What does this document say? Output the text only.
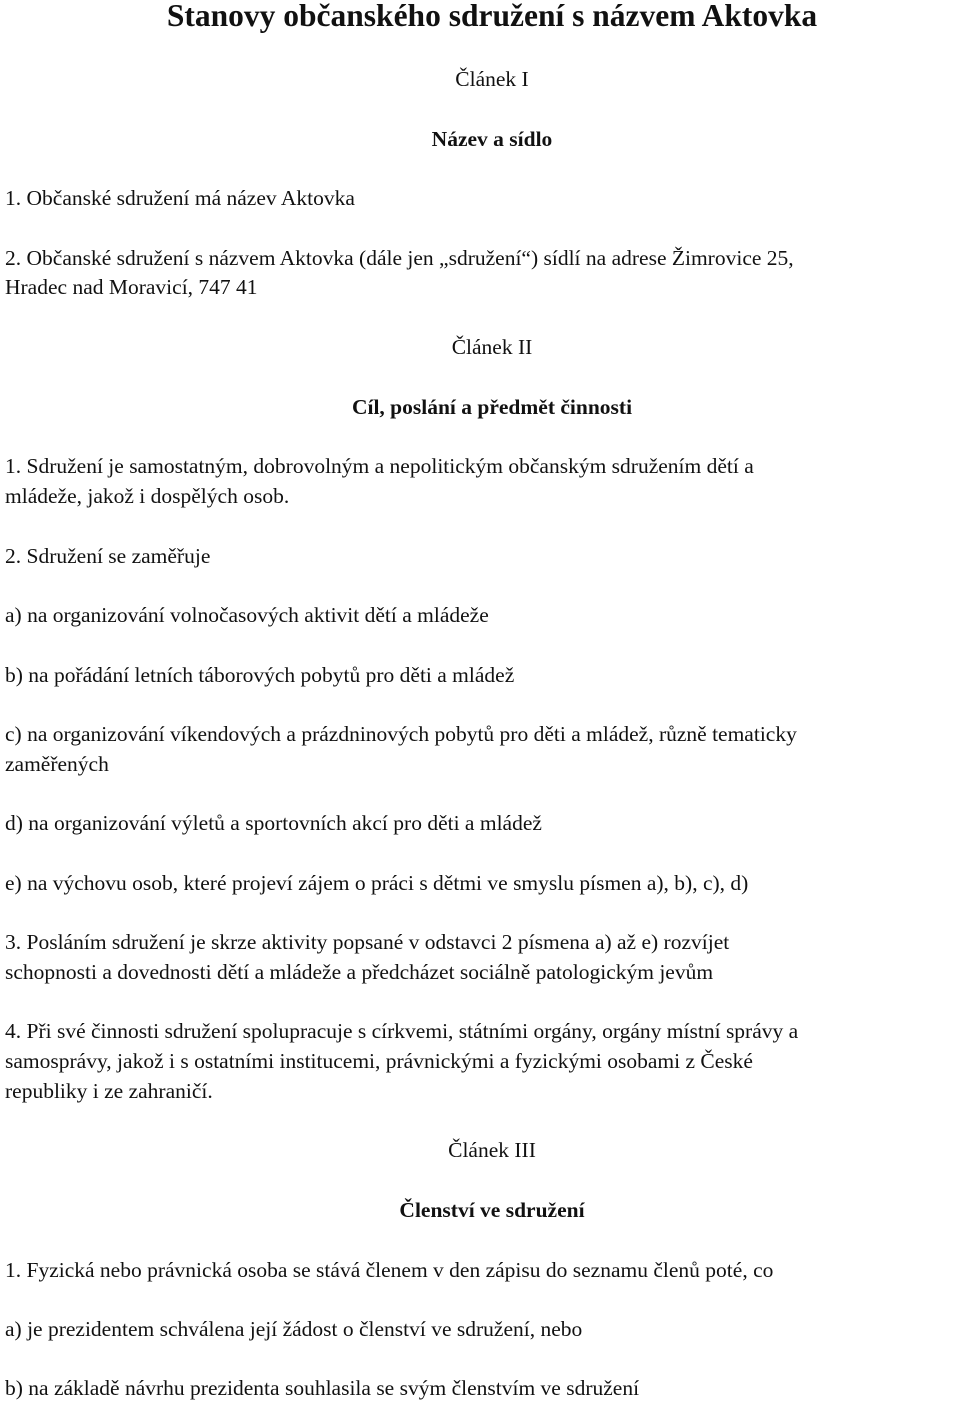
Stanovy občanského sdružení s názvem Aktovka

Článek I

Název a sídlo

1. Občanské sdružení má název Aktovka

2. Občanské sdružení s názvem Aktovka (dále jen „sdružení“) sídlí na adrese Žimrovice 25,

Hradec nad Moravicí, 747 41

Článek II

Cíl, poslání a předmět činnosti

1. Sdružení je samostatným, dobrovolným a nepolitickým občanským sdružením dětí a

mládeže, jakož i dospělých osob.

2. Sdružení se zaměřuje

a) na organizování volnočasových aktivit dětí a mládeže

b) na pořádání letních táborových pobytů pro děti a mládež

c) na organizování víkendových a prázdninových pobytů pro děti a mládež, různě tematicky

zaměřených

d) na organizování výletů a sportovních akcí pro děti a mládež

e) na výchovu osob, které projeví zájem o práci s dětmi ve smyslu písmen a), b), c), d)

3. Posláním sdružení je skrze aktivity popsané v odstavci 2 písmena a) až e) rozvíjet

schopnosti a dovednosti dětí a mládeže a předcházet sociálně patologickým jevům

4. Při své činnosti sdružení spolupracuje s církvemi, státními orgány, orgány místní správy a

samosprávy, jakož i s ostatními institucemi, právnickými a fyzickými osobami z České

republiky i ze zahraničí.

Článek III

Členství ve sdružení

1. Fyzická nebo právnická osoba se stává členem v den zápisu do seznamu členů poté, co

a) je prezidentem schválena její žádost o členství ve sdružení, nebo

b) na základě návrhu prezidenta souhlasila se svým členstvím ve sdružení
